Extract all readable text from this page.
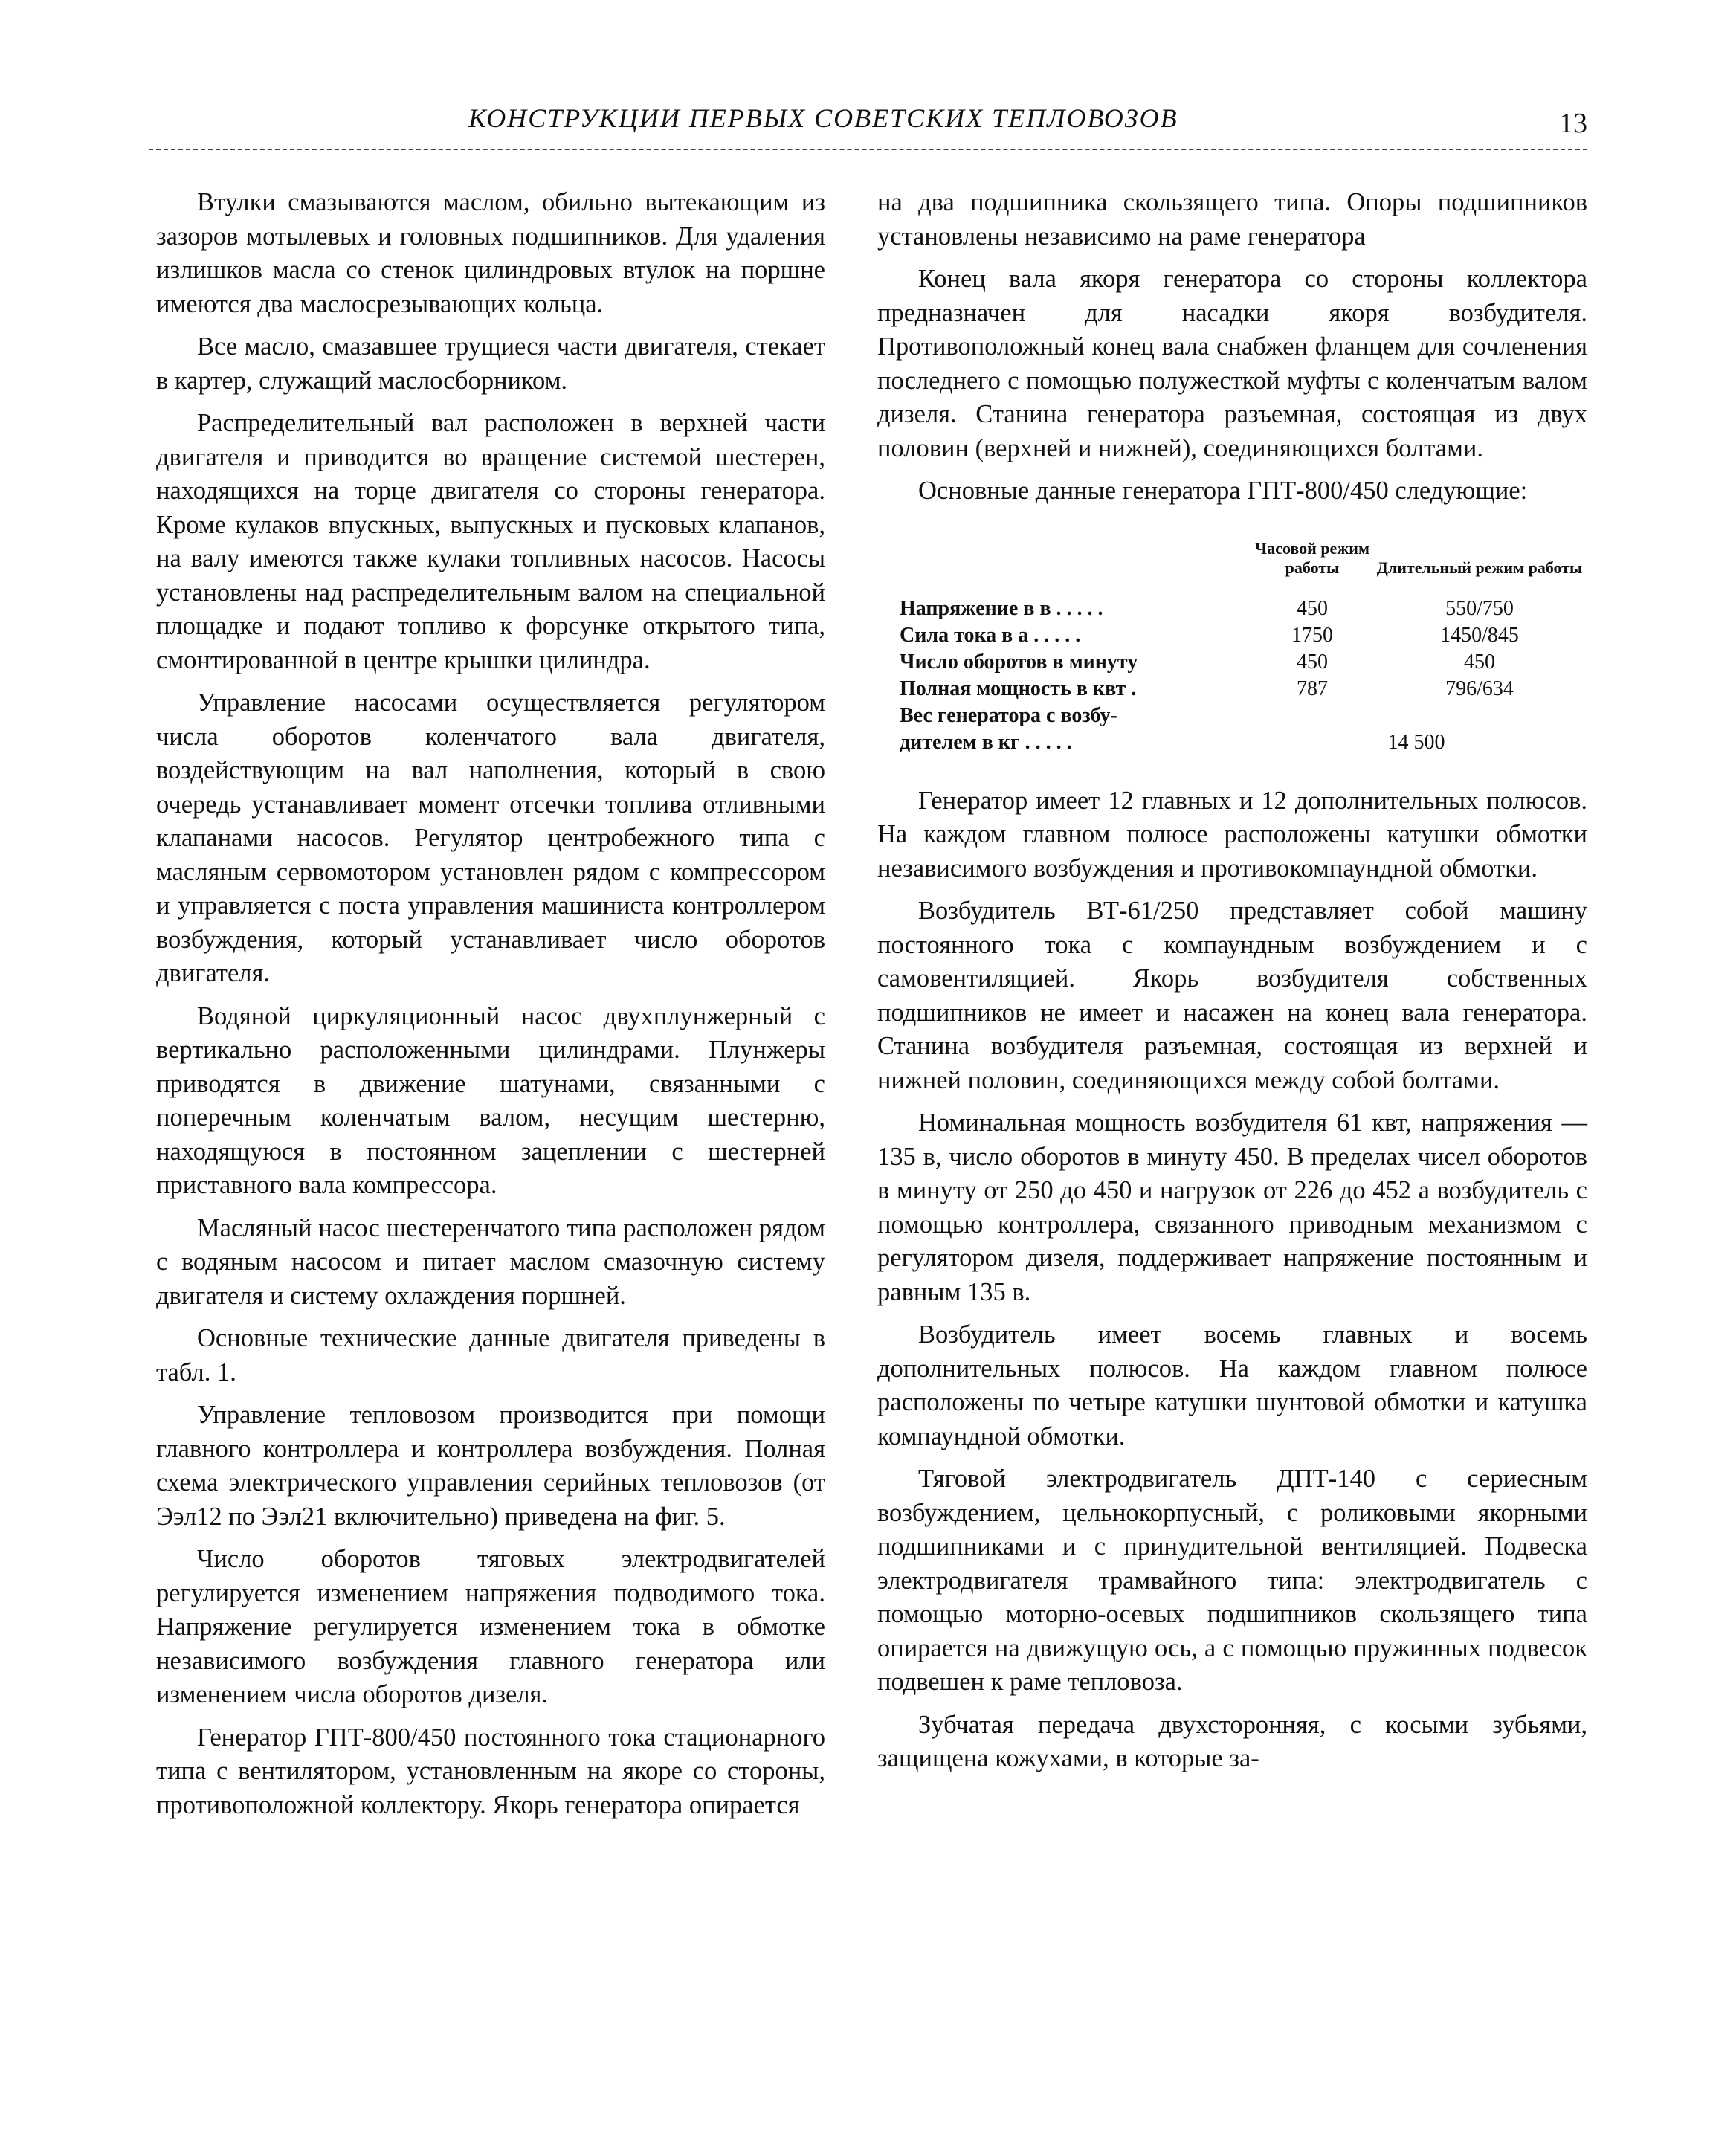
КОНСТРУКЦИИ ПЕРВЫХ СОВЕТСКИХ ТЕПЛОВОЗОВ	13

Втулки смазываются маслом, обильно вытекающим из зазоров мотылевых и головных подшипников. Для удаления излишков масла со стенок цилиндровых втулок на поршне имеются два маслосрезывающих кольца.

Все масло, смазавшее трущиеся части двигателя, стекает в картер, служащий маслосборником.

Распределительный вал расположен в верхней части двигателя и приводится во вращение системой шестерен, находящихся на торце двигателя со стороны генератора. Кроме кулаков впускных, выпускных и пусковых клапанов, на валу имеются также кулаки топливных насосов. Насосы установлены над распределительным валом на специальной площадке и подают топливо к форсунке открытого типа, смонтированной в центре крышки цилиндра.

Управление насосами осуществляется регулятором числа оборотов коленчатого вала двигателя, воздействующим на вал наполнения, который в свою очередь устанавливает момент отсечки топлива отливными клапанами насосов. Регулятор центробежного типа с масляным сервомотором установлен рядом с компрессором и управляется с поста управления машиниста контроллером возбуждения, который устанавливает число оборотов двигателя.

Водяной циркуляционный насос двухплунжерный с вертикально расположенными цилиндрами. Плунжеры приводятся в движение шатунами, связанными с поперечным коленчатым валом, несущим шестерню, находящуюся в постоянном зацеплении с шестерней приставного вала компрессора.

Масляный насос шестеренчатого типа расположен рядом с водяным насосом и питает маслом смазочную систему двигателя и систему охлаждения поршней.

Основные технические данные двигателя приведены в табл. 1.

Управление тепловозом производится при помощи главного контроллера и контроллера возбуждения. Полная схема электрического управления серийных тепловозов (от Ээл12 по Ээл21 включительно) приведена на фиг. 5.

Число оборотов тяговых электродвигателей регулируется изменением напряжения подводимого тока. Напряжение регулируется изменением тока в обмотке независимого возбуждения главного генератора или изменением числа оборотов дизеля.

Генератор ГПТ-800/450 постоянного тока стационарного типа с вентилятором, установленным на якоре со стороны, противоположной коллектору. Якорь генератора опирается

на два подшипника скользящего типа. Опоры подшипников установлены независимо на раме генератора

Конец вала якоря генератора со стороны коллектора предназначен для насадки якоря возбудителя. Противоположный конец вала снабжен фланцем для сочленения последнего с помощью полужесткой муфты с коленчатым валом дизеля. Станина генератора разъемная, состоящая из двух половин (верхней и нижней), соединяющихся болтами.

Основные данные генератора ГПТ-800/450 следующие:

	Часовой режим работы	Длительный режим работы
Напряжение в в . . . . .	450	550/750
Сила тока в а . . . . .	1750	1450/845
Число оборотов в минуту	450	450
Полная мощность в квт .	787	796/634
Вес генератора с возбу-		
дителем в кг . . . . .	14 500	

Генератор имеет 12 главных и 12 дополнительных полюсов. На каждом главном полюсе расположены катушки обмотки независимого возбуждения и противокомпаундной обмотки.

Возбудитель ВТ-61/250 представляет собой машину постоянного тока с компаундным возбуждением и с самовентиляцией. Якорь возбудителя собственных подшипников не имеет и насажен на конец вала генератора. Станина возбудителя разъемная, состоящая из верхней и нижней половин, соединяющихся между собой болтами.

Номинальная мощность возбудителя 61 квт, напряжения — 135 в, число оборотов в минуту 450. В пределах чисел оборотов в минуту от 250 до 450 и нагрузок от 226 до 452 а возбудитель с помощью контроллера, связанного приводным механизмом с регулятором дизеля, поддерживает напряжение постоянным и равным 135 в.

Возбудитель имеет восемь главных и восемь дополнительных полюсов. На каждом главном полюсе расположены по четыре катушки шунтовой обмотки и катушка компаундной обмотки.

Тяговой электродвигатель ДПТ-140 с сериесным возбуждением, цельнокорпусный, с роликовыми якорными подшипниками и с принудительной вентиляцией. Подвеска электродвигателя трамвайного типа: электродвигатель с помощью моторно-осевых подшипников скользящего типа опирается на движущую ось, а с помощью пружинных подвесок подвешен к раме тепловоза.

Зубчатая передача двухсторонняя, с косыми зубьями, защищена кожухами, в которые за-
